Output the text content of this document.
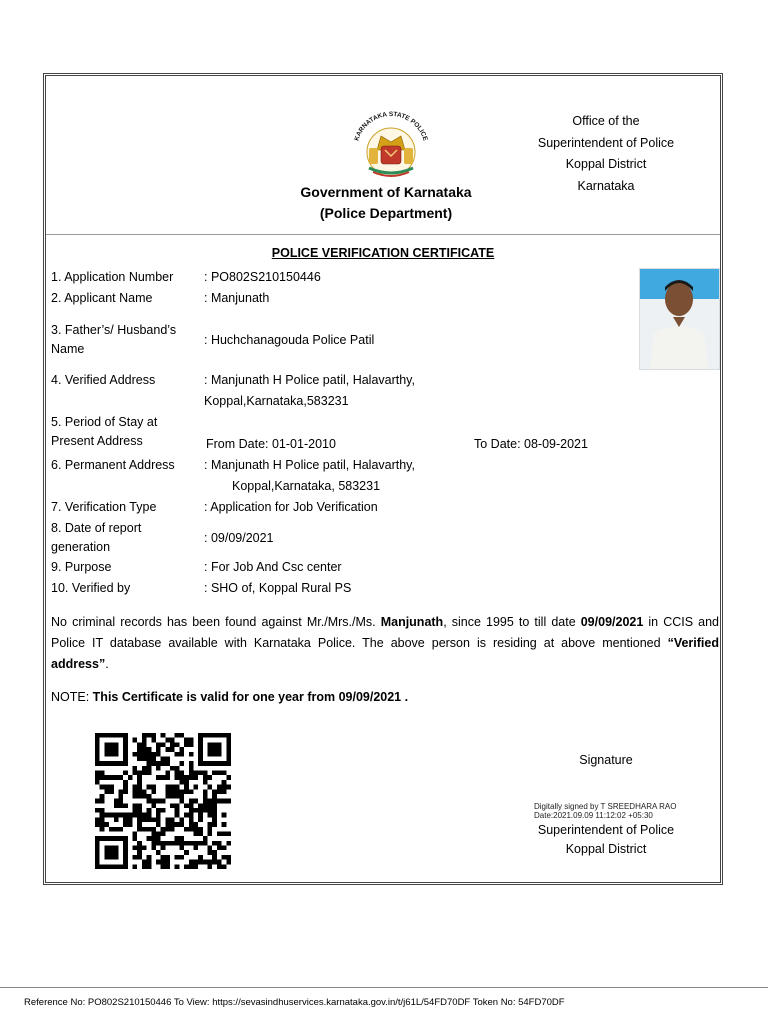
KARNATAKA STATE POLICE
Government of Karnataka
(Police Department)
Office of the
Superintendent of Police
Koppal District
Karnataka
POLICE VERIFICATION CERTIFICATE
1. Application Number	: PO802S210150446
2. Applicant Name	: Manjunath
3. Father’s/ Husband’s Name
: Huchchanagouda Police Patil
4. Verified Address	: Manjunath H Police patil, Halavarthy,
Koppal,Karnataka,583231
5. Period of Stay at Present Address	From Date: 01-01-2010	To Date: 08-09-2021
6. Permanent Address	: Manjunath H Police patil, Halavarthy,
Koppal,Karnataka, 583231
7. Verification Type	: Application for Job Verification
8. Date of report generation
: 09/09/2021
9. Purpose	: For Job And Csc center
10. Verified by	: SHO of, Koppal Rural PS
No criminal records has been found against Mr./Mrs./Ms. Manjunath, since 1995 to till date 09/09/2021 in CCIS and Police IT database available with Karnataka Police. The above person is residing at above mentioned “Verified address”.
NOTE: This Certificate is valid for one year from 09/09/2021 .
Signature
Digitally signed by T SREEDHARA RAO
Date:2021.09.09 11:12:02 +05:30
Superintendent of Police
Koppal District
Reference No: PO802S210150446 To View: https://sevasindhuservices.karnataka.gov.in/t/j61L/54FD70DF Token No: 54FD70DF
